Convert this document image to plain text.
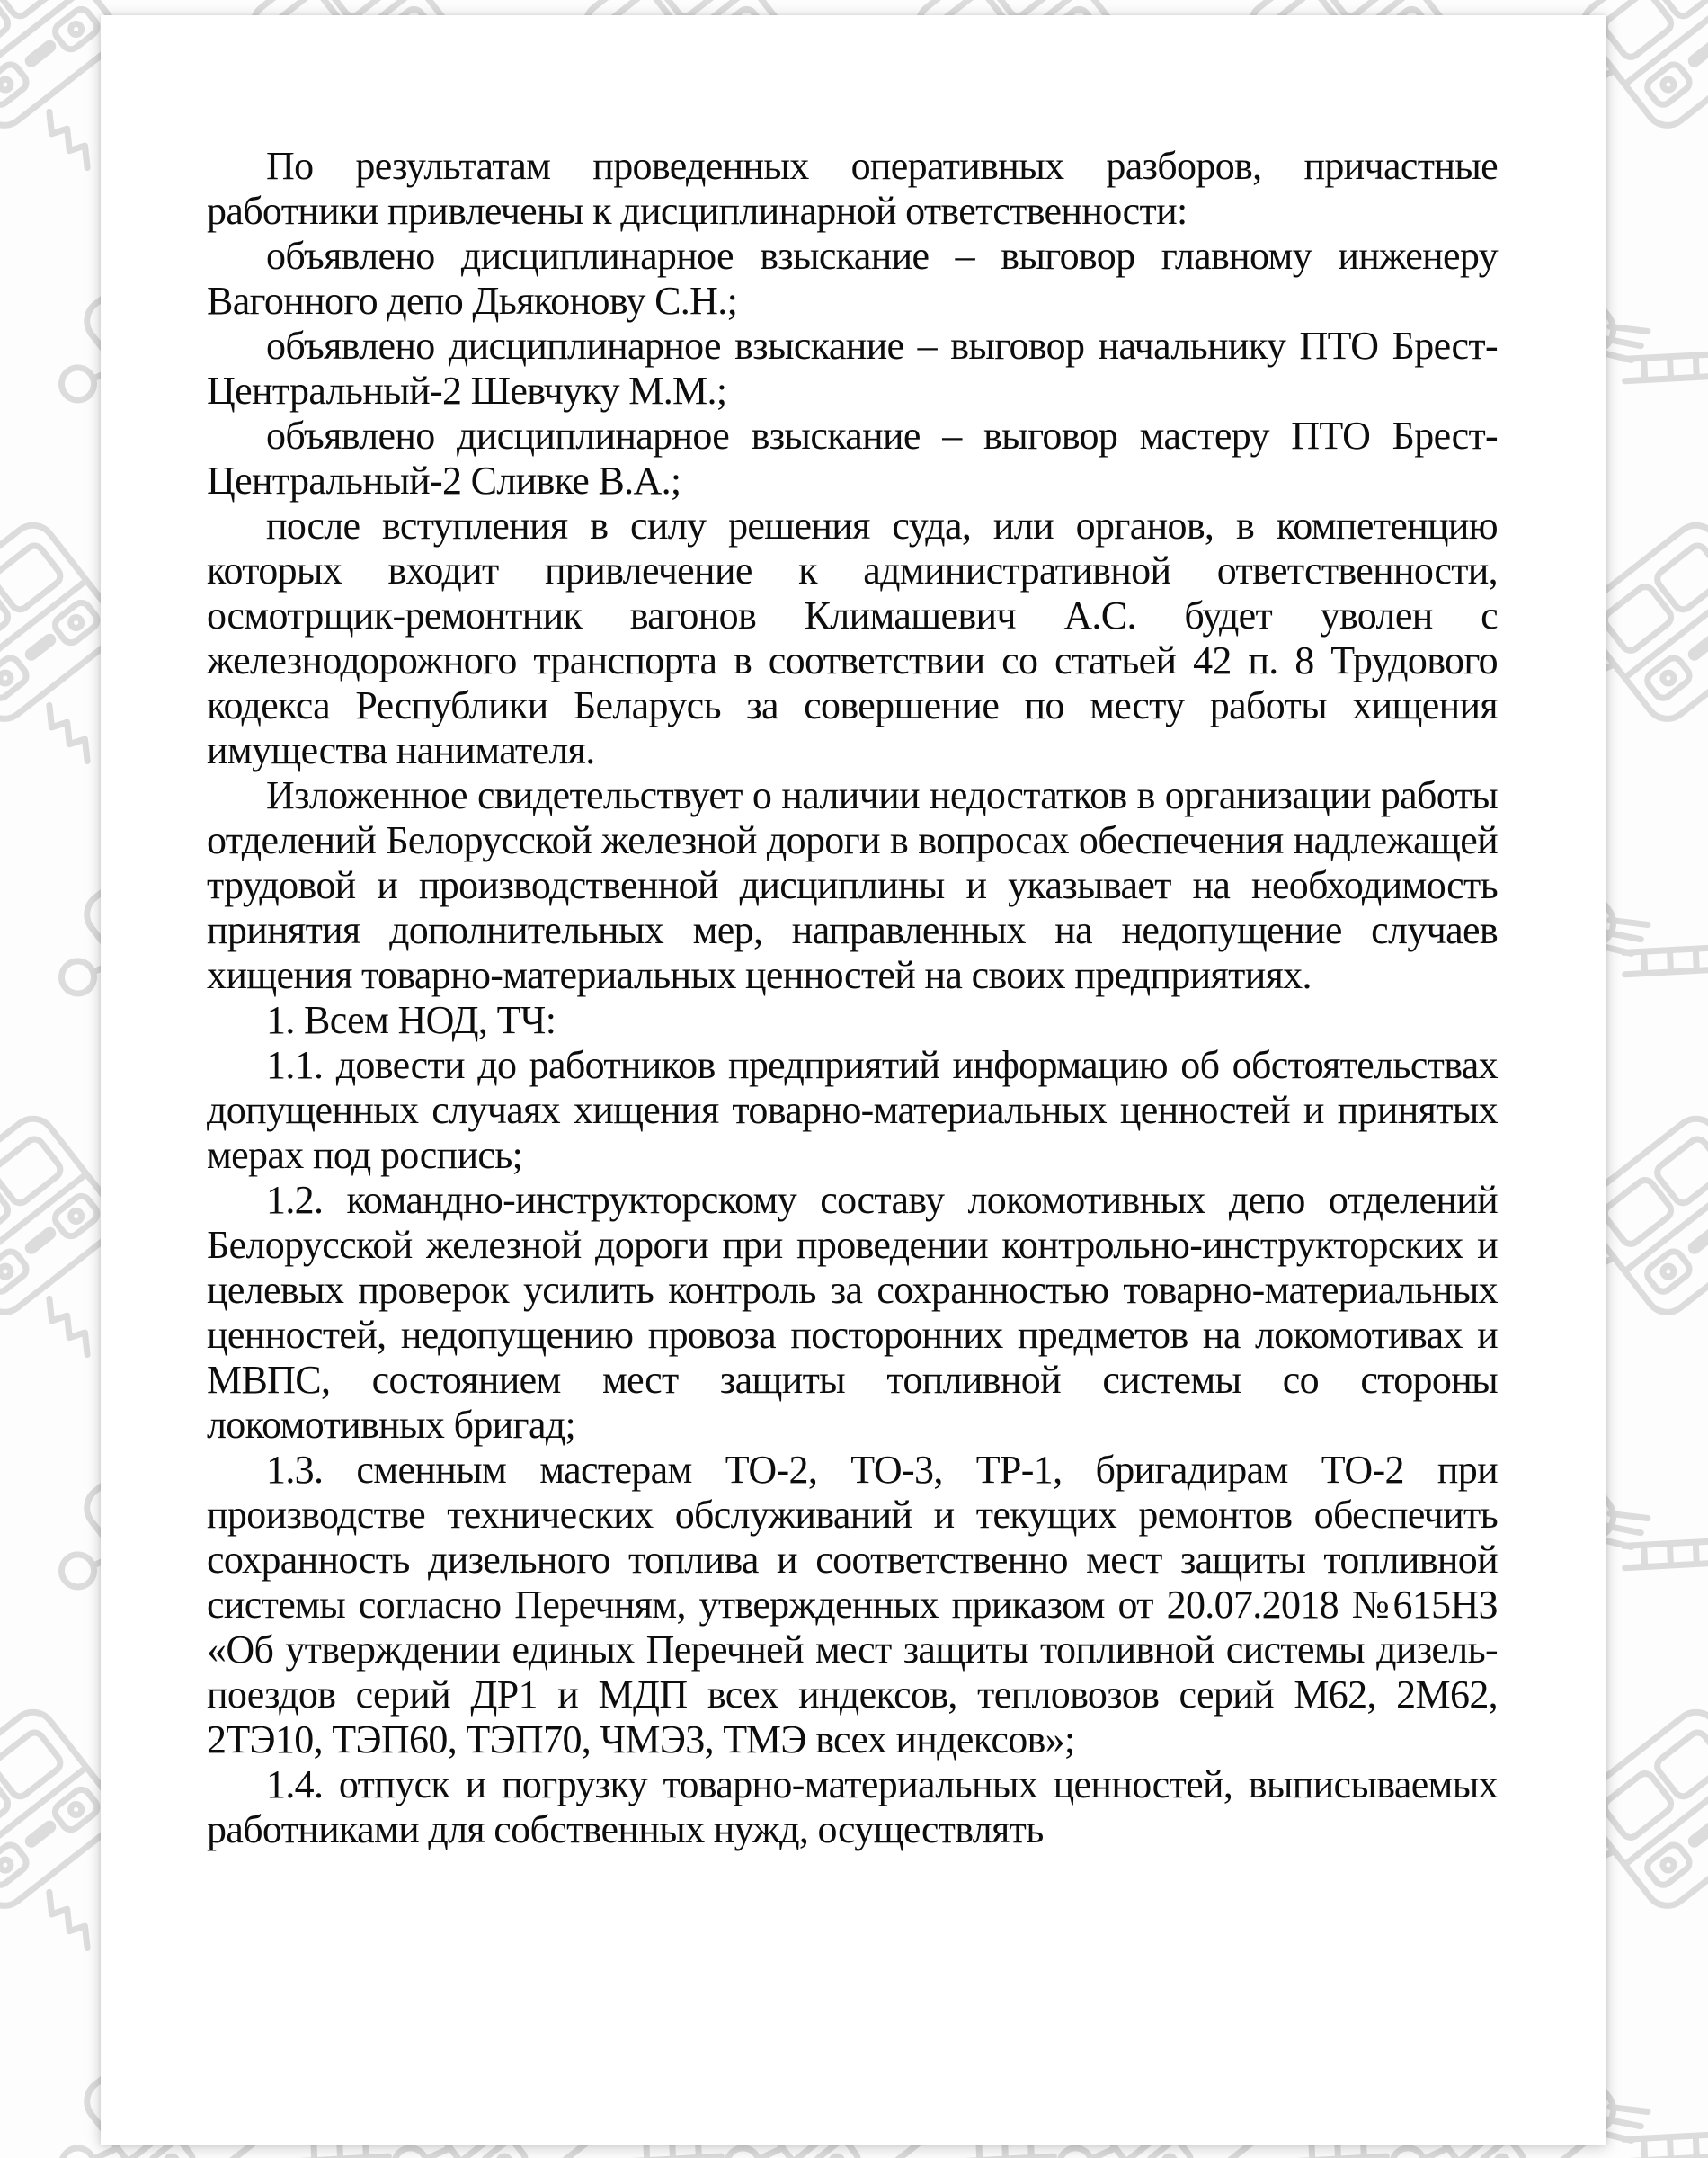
По результатам проведенных оперативных разборов, причастные работники привлечены к дисциплинарной ответственности:

объявлено дисциплинарное взыскание – выговор главному инженеру Вагонного депо Дьяконову С.Н.;

объявлено дисциплинарное взыскание – выговор начальнику ПТО Брест-Центральный-2 Шевчуку М.М.;

объявлено дисциплинарное взыскание – выговор мастеру ПТО Брест-Центральный-2 Сливке В.А.;

после вступления в силу решения суда, или органов, в компетенцию которых входит привлечение к административной ответственности, осмотрщик-ремонтник вагонов Климашевич А.С. будет уволен с железнодорожного транспорта в соответствии со статьей 42 п. 8 Трудового кодекса Республики Беларусь за совершение по месту работы хищения имущества нанимателя.

Изложенное свидетельствует о наличии недостатков в организации работы отделений Белорусской железной дороги в вопросах обеспечения надлежащей трудовой и производственной дисциплины и указывает на необходимость принятия дополнительных мер, направленных на недопущение случаев хищения товарно-материальных ценностей на своих предприятиях.

1. Всем НОД, ТЧ:

1.1. довести до работников предприятий информацию об обстоятельствах допущенных случаях хищения товарно-материальных ценностей и принятых мерах под роспись;

1.2. командно-инструкторскому составу локомотивных депо отделений Белорусской железной дороги при проведении контрольно-инструкторских и целевых проверок усилить контроль за сохранностью товарно-материальных ценностей, недопущению провоза посторонних предметов на локомотивах и МВПС, состоянием мест защиты топливной системы со стороны локомотивных бригад;

1.3. сменным мастерам ТО-2, ТО-3, ТР-1, бригадирам ТО-2 при производстве технических обслуживаний и текущих ремонтов обеспечить сохранность дизельного топлива и соответственно мест защиты топливной системы согласно Перечням, утвержденных приказом от 20.07.2018 №615НЗ «Об утверждении единых Перечней мест защиты топливной системы дизель-поездов серий ДР1 и МДП всех индексов, тепловозов серий М62, 2М62, 2ТЭ10, ТЭП60, ТЭП70, ЧМЭ3, ТМЭ всех индексов»;

1.4. отпуск и погрузку товарно-материальных ценностей, выписываемых работниками для собственных нужд, осуществлять
